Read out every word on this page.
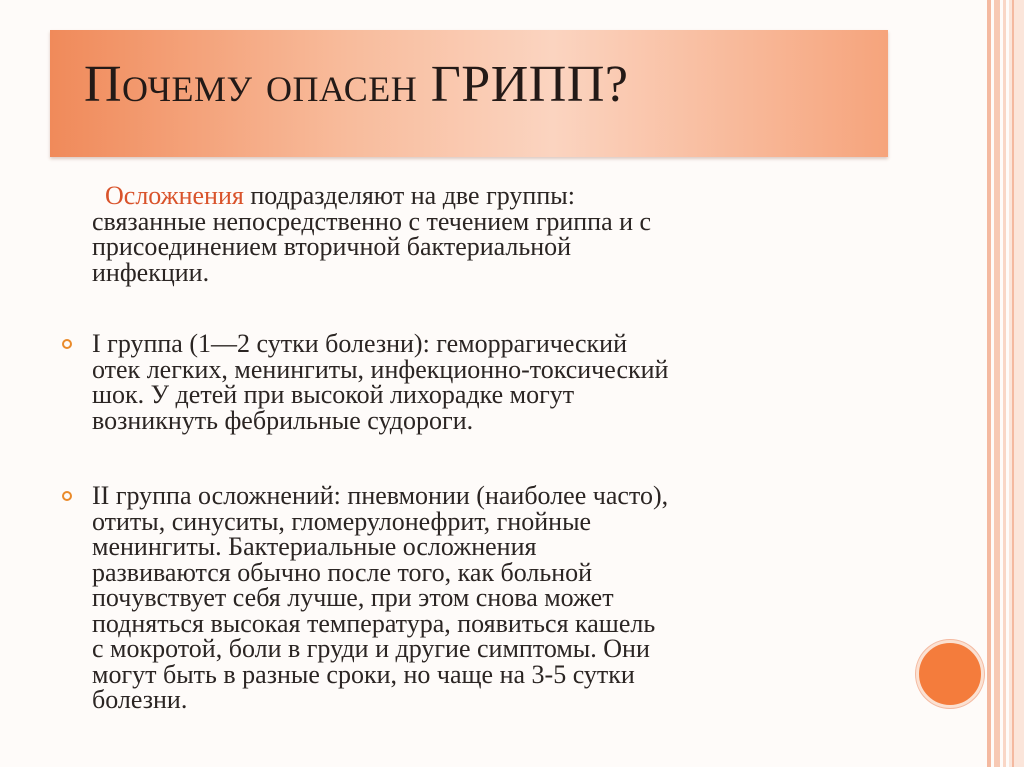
Почему опасен ГРИПП?

Осложнения подразделяют на две группы:
связанные непосредственно с течением гриппа и с
присоединением вторичной бактериальной
инфекции.

I группа (1—2 сутки болезни): геморрагический
отек легких, менингиты, инфекционно-токсический
шок. У детей при высокой лихорадке могут
возникнуть фебрильные судороги.

II группа осложнений: пневмонии (наиболее часто),
отиты, синуситы, гломерулонефрит, гнойные
менингиты. Бактериальные осложнения
развиваются обычно после того, как больной
почувствует себя лучше, при этом снова может
подняться высокая температура, появиться кашель
с мокротой, боли в груди и другие симптомы. Они
могут быть в разные сроки, но чаще на 3-5 сутки
болезни.
